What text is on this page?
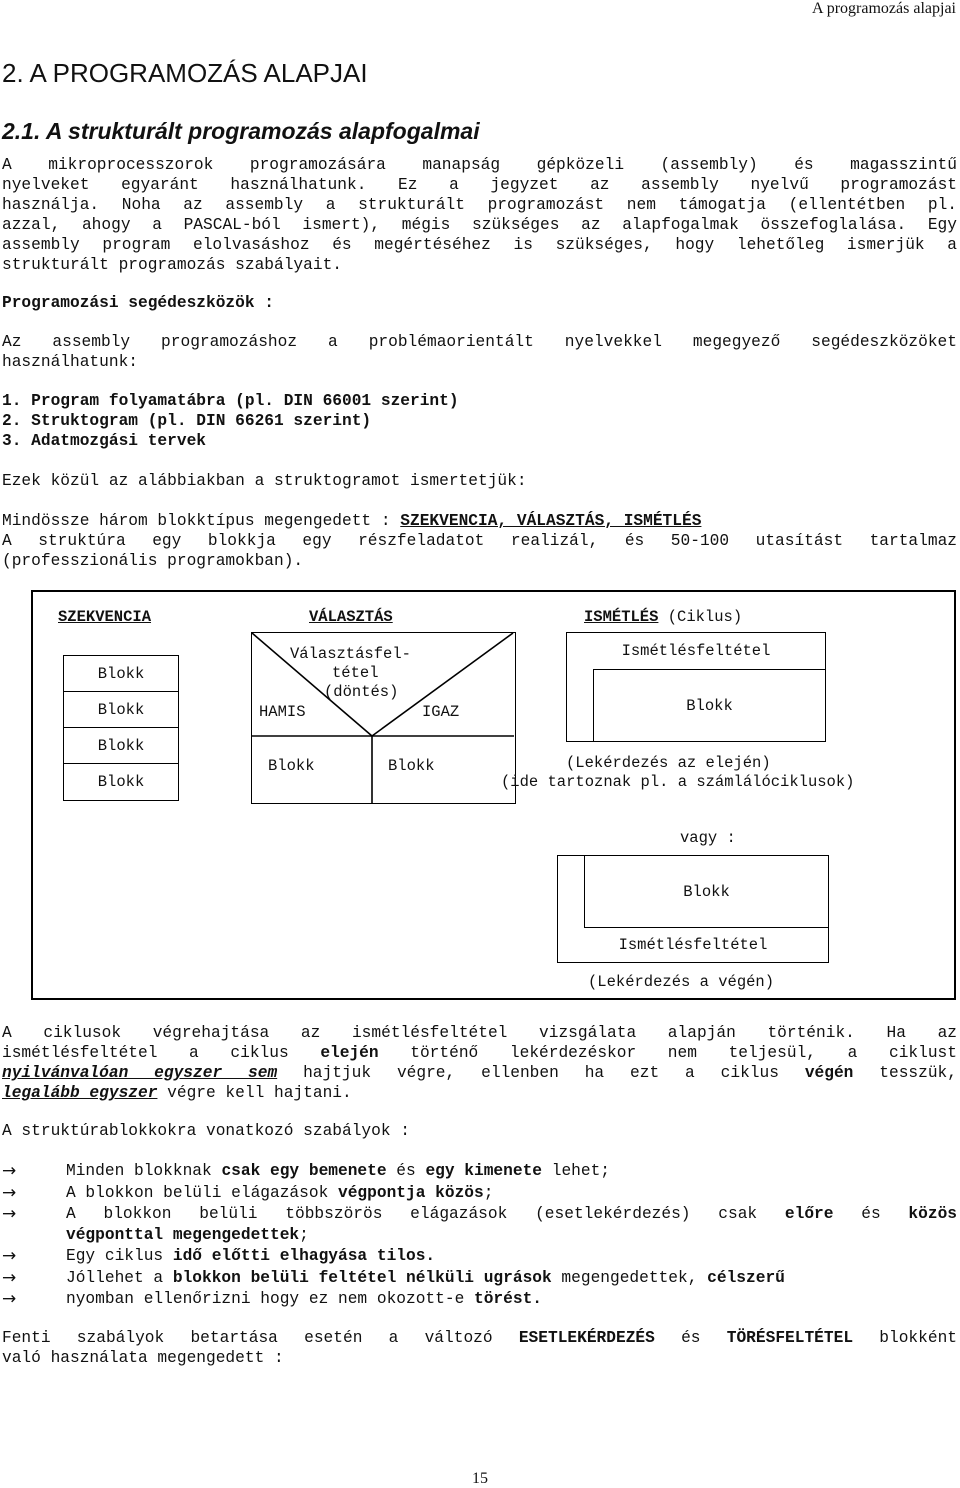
A programozás alapjai
2. A PROGRAMOZÁS ALAPJAI
2.1. A strukturált programozás alapfogalmai
A mikroprocesszorok programozására manapság gépközeli (assembly) és magasszintű
nyelveket egyaránt használhatunk. Ez a jegyzet az assembly nyelvű programozást
használja. Noha az assembly a strukturált programozást nem támogatja (ellentétben pl.
azzal, ahogy a PASCAL-ból ismert), mégis szükséges az alapfogalmak összefoglalása. Egy
assembly program elolvasáshoz és megértéséhez is szükséges, hogy lehetőleg ismerjük a
strukturált programozás szabályait.
Programozási segédeszközök :
Az assembly programozáshoz a problémaorientált nyelvekkel megegyező segédeszközöket
használhatunk:
1. Program folyamatábra (pl. DIN 66001 szerint)
2. Struktogram (pl. DIN 66261 szerint)
3. Adatmozgási tervek
Ezek közül az alábbiakban a struktogramot ismertetjük:
Mindössze három blokktípus megengedett : SZEKVENCIA, VÁLASZTÁS, ISMÉTLÉS
A struktúra egy blokkja egy részfeladatot realizál, és 50-100 utasítást tartalmaz
(professzionális programokban).
SZEKVENCIA	VÁLASZTÁS	ISMÉTLÉS (Ciklus)
Blokk
Blokk
Blokk
Blokk
Választásfel-
tétel
(döntés)
HAMIS	IGAZ
Blokk	Blokk
Ismétlésfeltétel
Blokk
(Lekérdezés az elején)
(ide tartoznak pl. a számlálóciklusok)
vagy :
Blokk
Ismétlésfeltétel
(Lekérdezés a végén)
A ciklusok végrehajtása az ismétlésfeltétel vizsgálata alapján történik. Ha az
ismétlésfeltétel a ciklus elején történő lekérdezéskor nem teljesül, a ciklust
nyilvánvalóan egyszer sem hajtjuk végre, ellenben ha ezt a ciklus végén tesszük,
legalább egyszer végre kell hajtani.
A struktúrablokkokra vonatkozó szabályok :
→	Minden blokknak csak egy bemenete és egy kimenete lehet;
→	A blokkon belüli elágazások végpontja közös;
→	A blokkon belüli többszörös elágazások (esetlekérdezés) csak előre és közös
végponttal megengedettek;
→	Egy ciklus idő előtti elhagyása tilos.
→	Jóllehet a blokkon belüli feltétel nélküli ugrások megengedettek, célszerű
→	nyomban ellenőrizni hogy ez nem okozott-e törést.
Fenti szabályok betartása esetén a változó ESETLEKÉRDEZÉS és TÖRÉSFELTÉTEL blokként
való használata megengedett :
15
